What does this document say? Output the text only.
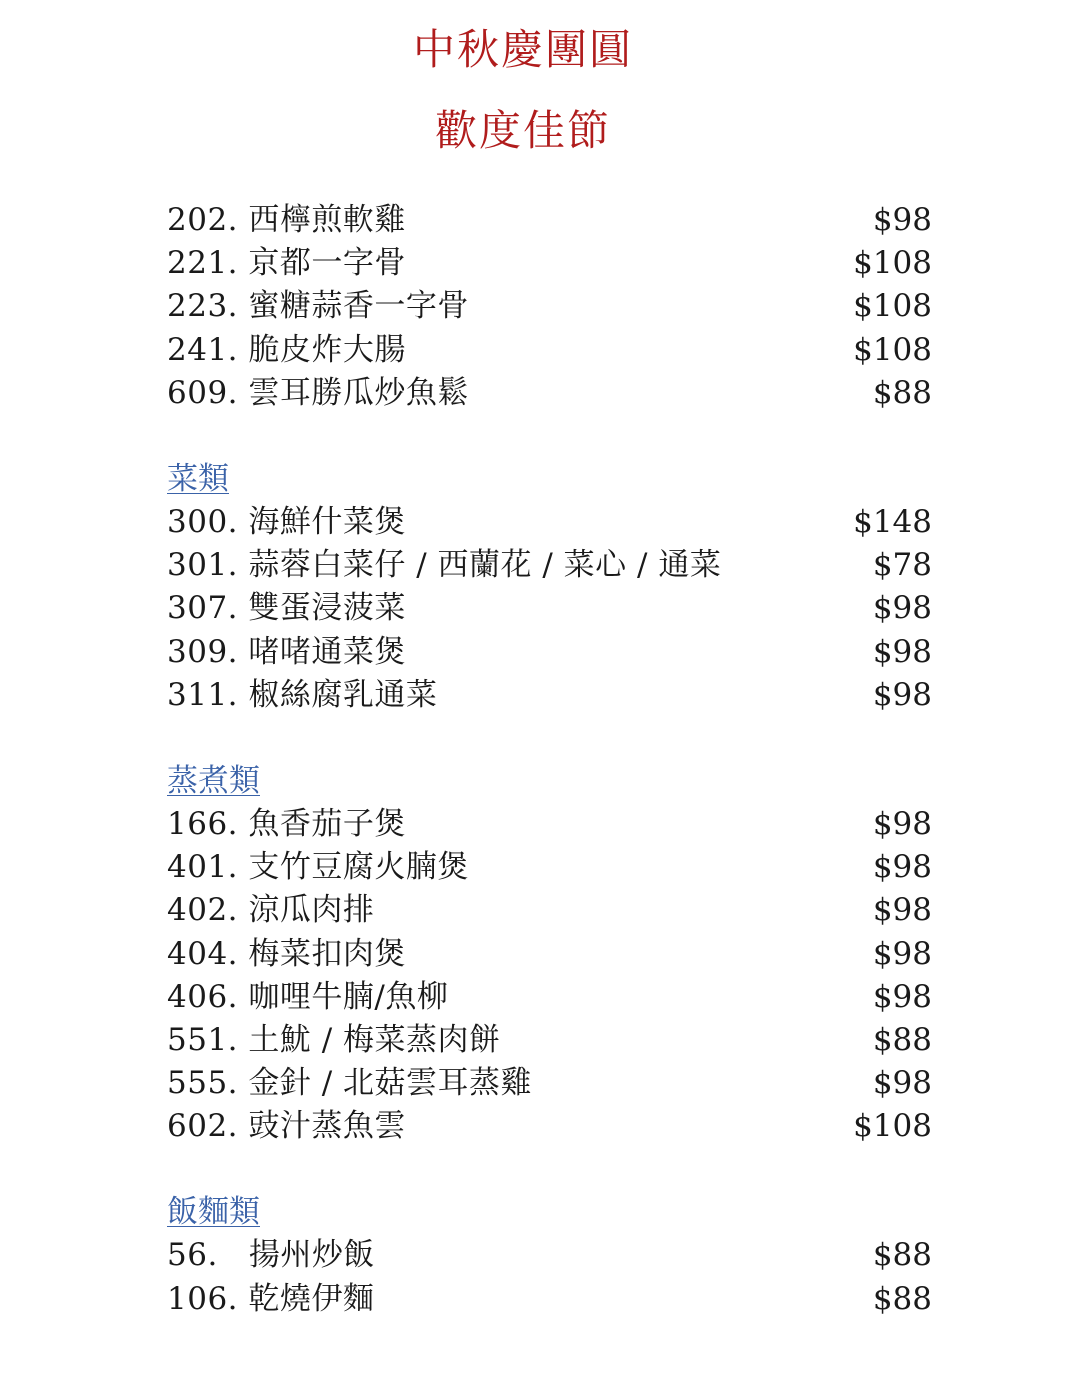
中秋慶團圓
歡度佳節
202. 西檸煎軟雞	$98
221. 京都一字骨	$108
223. 蜜糖蒜香一字骨	$108
241. 脆皮炸大腸	$108
609. 雲耳勝瓜炒魚鬆	$88
菜類
300. 海鮮什菜煲	$148
301. 蒜蓉白菜仔 / 西蘭花 / 菜心 / 通菜	$78
307. 雙蛋浸菠菜	$98
309. 啫啫通菜煲	$98
311. 椒絲腐乳通菜	$98
蒸煮類
166. 魚香茄子煲	$98
401. 支竹豆腐火腩煲	$98
402. 涼瓜肉排	$98
404. 梅菜扣肉煲	$98
406. 咖哩牛腩/魚柳	$98
551. 土魷 / 梅菜蒸肉餅	$88
555. 金針 / 北菇雲耳蒸雞	$98
602. 豉汁蒸魚雲	$108
飯麵類
56.   揚州炒飯	$88
106. 乾燒伊麵	$88
